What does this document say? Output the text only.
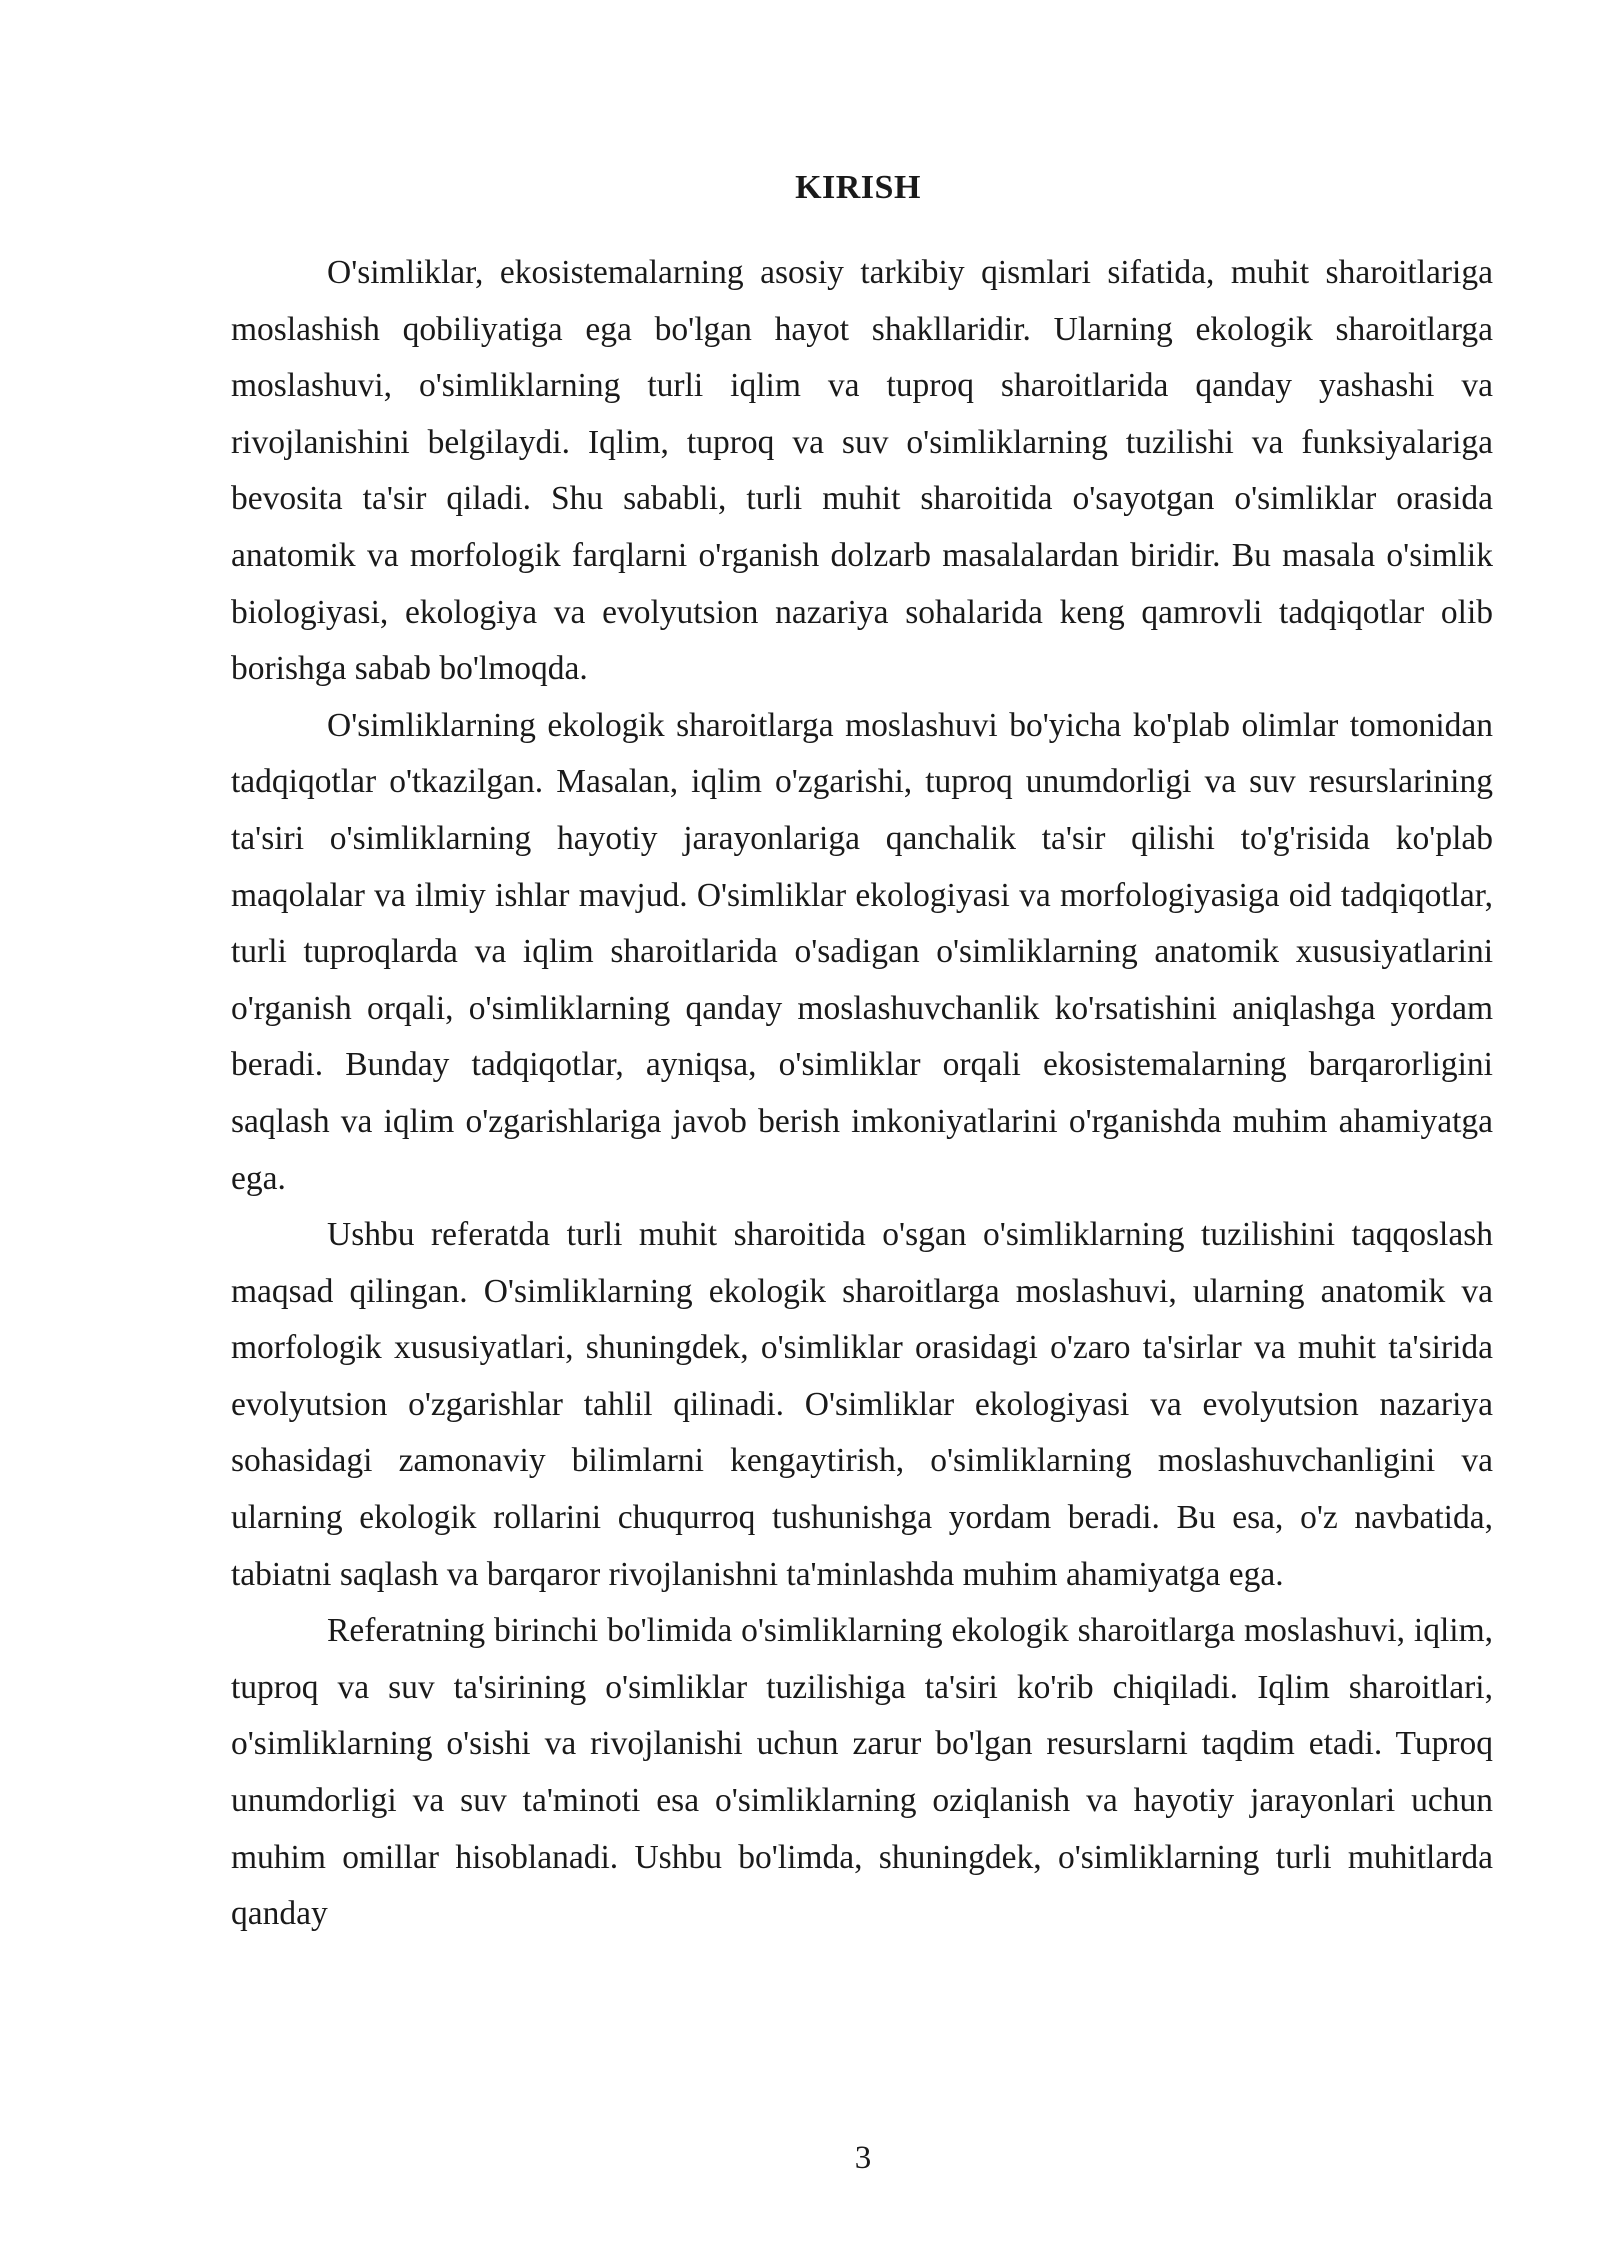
KIRISH

O'simliklar, ekosistemalarning asosiy tarkibiy qismlari sifatida, muhit sharoitlariga moslashish qobiliyatiga ega bo'lgan hayot shakllaridir. Ularning ekologik sharoitlarga moslashuvi, o'simliklarning turli iqlim va tuproq sharoitlarida qanday yashashi va rivojlanishini belgilaydi. Iqlim, tuproq va suv o'simliklarning tuzilishi va funksiyalariga bevosita ta'sir qiladi. Shu sababli, turli muhit sharoitida o'sayotgan o'simliklar orasida anatomik va morfologik farqlarni o'rganish dolzarb masalalardan biridir. Bu masala o'simlik biologiyasi, ekologiya va evolyutsion nazariya sohalarida keng qamrovli tadqiqotlar olib borishga sabab bo'lmoqda.

O'simliklarning ekologik sharoitlarga moslashuvi bo'yicha ko'plab olimlar tomonidan tadqiqotlar o'tkazilgan. Masalan, iqlim o'zgarishi, tuproq unumdorligi va suv resurslarining ta'siri o'simliklarning hayotiy jarayonlariga qanchalik ta'sir qilishi to'g'risida ko'plab maqolalar va ilmiy ishlar mavjud. O'simliklar ekologiyasi va morfologiyasiga oid tadqiqotlar, turli tuproqlarda va iqlim sharoitlarida o'sadigan o'simliklarning anatomik xususiyatlarini o'rganish orqali, o'simliklarning qanday moslashuvchanlik ko'rsatishini aniqlashga yordam beradi. Bunday tadqiqotlar, ayniqsa, o'simliklar orqali ekosistemalarning barqarorligini saqlash va iqlim o'zgarishlariga javob berish imkoniyatlarini o'rganishda muhim ahamiyatga ega.

Ushbu referatda turli muhit sharoitida o'sgan o'simliklarning tuzilishini taqqoslash maqsad qilingan. O'simliklarning ekologik sharoitlarga moslashuvi, ularning anatomik va morfologik xususiyatlari, shuningdek, o'simliklar orasidagi o'zaro ta'sirlar va muhit ta'sirida evolyutsion o'zgarishlar tahlil qilinadi. O'simliklar ekologiyasi va evolyutsion nazariya sohasidagi zamonaviy bilimlarni kengaytirish, o'simliklarning moslashuvchanligini va ularning ekologik rollarini chuqurroq tushunishga yordam beradi. Bu esa, o'z navbatida, tabiatni saqlash va barqaror rivojlanishni ta'minlashda muhim ahamiyatga ega.

Referatning birinchi bo'limida o'simliklarning ekologik sharoitlarga moslashuvi, iqlim, tuproq va suv ta'sirining o'simliklar tuzilishiga ta'siri ko'rib chiqiladi. Iqlim sharoitlari, o'simliklarning o'sishi va rivojlanishi uchun zarur bo'lgan resurslarni taqdim etadi. Tuproq unumdorligi va suv ta'minoti esa o'simliklarning oziqlanish va hayotiy jarayonlari uchun muhim omillar hisoblanadi. Ushbu bo'limda, shuningdek, o'simliklarning turli muhitlarda qanday

3
